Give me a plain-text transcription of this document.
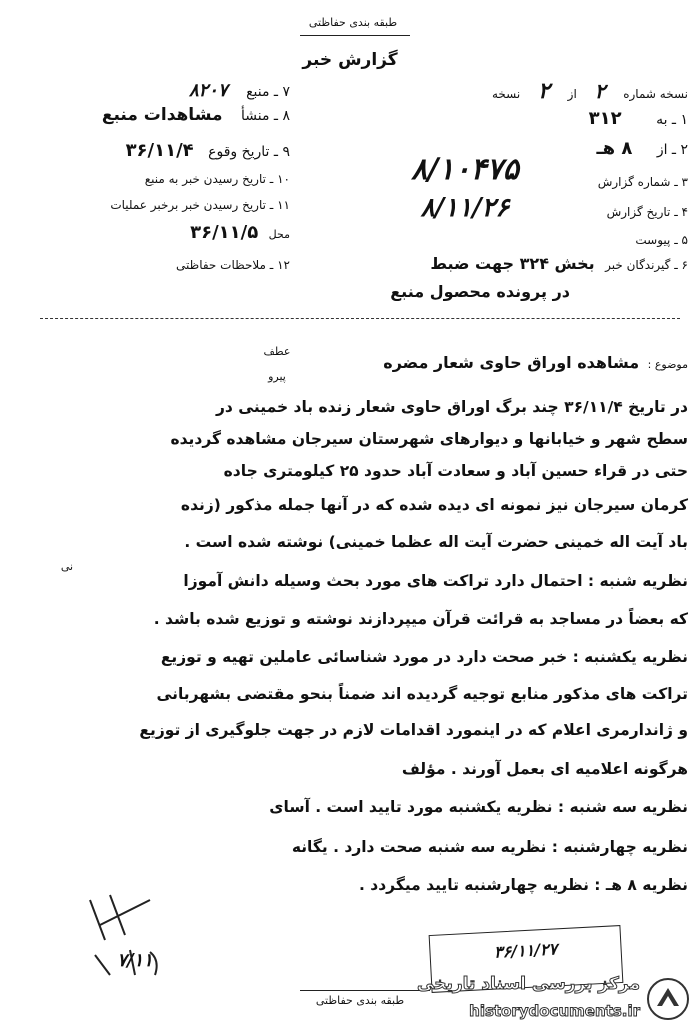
طبقه بندی حفاظتی
گزارش خبر
۷ ـ منبع ۸۲۰۷
۸ ـ منشأ مشاهدات منبع
۹ ـ تاریخ وقوع ۳۶/۱۱/۴
۱۰ ـ تاریخ رسیدن خبر به منبع
۱۱ ـ تاریخ رسیدن خبر برخبر عملیات
محل ۳۶/۱۱/۵
۱۲ ـ ملاحظات حفاظتی
نسخه شماره ۲ از ۲ نسخه
۱ ـ به ۳۱۲
۲ ـ از ۸ هـ
۳ ـ شماره گزارش
۸/۱۰۴۷۵
۴ ـ تاریخ گزارش
۸/۱۱/۲۶
۵ ـ پیوست
۶ ـ گیرندگان خبر بخش ۳۲۴ جهت ضبط
در پرونده محصول منبع
عطف
پیرو
موضوع : مشاهده اوراق حاوی شعار مضره
در تاریخ ۳۶/۱۱/۴ چند برگ اوراق حاوی شعار زنده باد خمینی در
سطح شهر و خیابانها و دیوارهای شهرستان سیرجان مشاهده گردیده
حتی در قراء حسین آباد و سعادت آباد حدود ۲۵ کیلومتری جاده
کرمان سیرجان نیز نمونه ای دیده شده که در آنها جمله مذکور (زنده
باد آیت اله خمینی حضرت آیت اله عظما خمینی) نوشته شده است .
نی
نظریه شنبه : احتمال دارد تراکت های مورد بحث وسیله دانش آموزا
که بعضاً در مساجد به قرائت قرآن میپردازند نوشته و توزیع شده باشد .
نظریه یکشنبه : خبر صحت دارد در مورد شناسائی عاملین تهیه و توزیع
تراکت های مذکور منابع توجیه گردیده اند ضمناً بنحو مقتضی بشهربانی
و ژاندارمری اعلام که در اینمورد اقدامات لازم در جهت جلوگیری از توزیع
هرگونه اعلامیه ای بعمل آورند . مؤلف
نظریه سه شنبه : نظریه یکشنبه مورد تایید است . آسای
نظریه چهارشنبه : نظریه سه شنبه صحت دارد . یگانه
نظریه ۸ هـ : نظریه چهارشنبه تایید میگردد .
۷/۱۱	۳۶/۱۱/۲۷
طبقه بندی حفاظتی
مرکز بررسی اسناد تاریخی
historydocuments.ir
